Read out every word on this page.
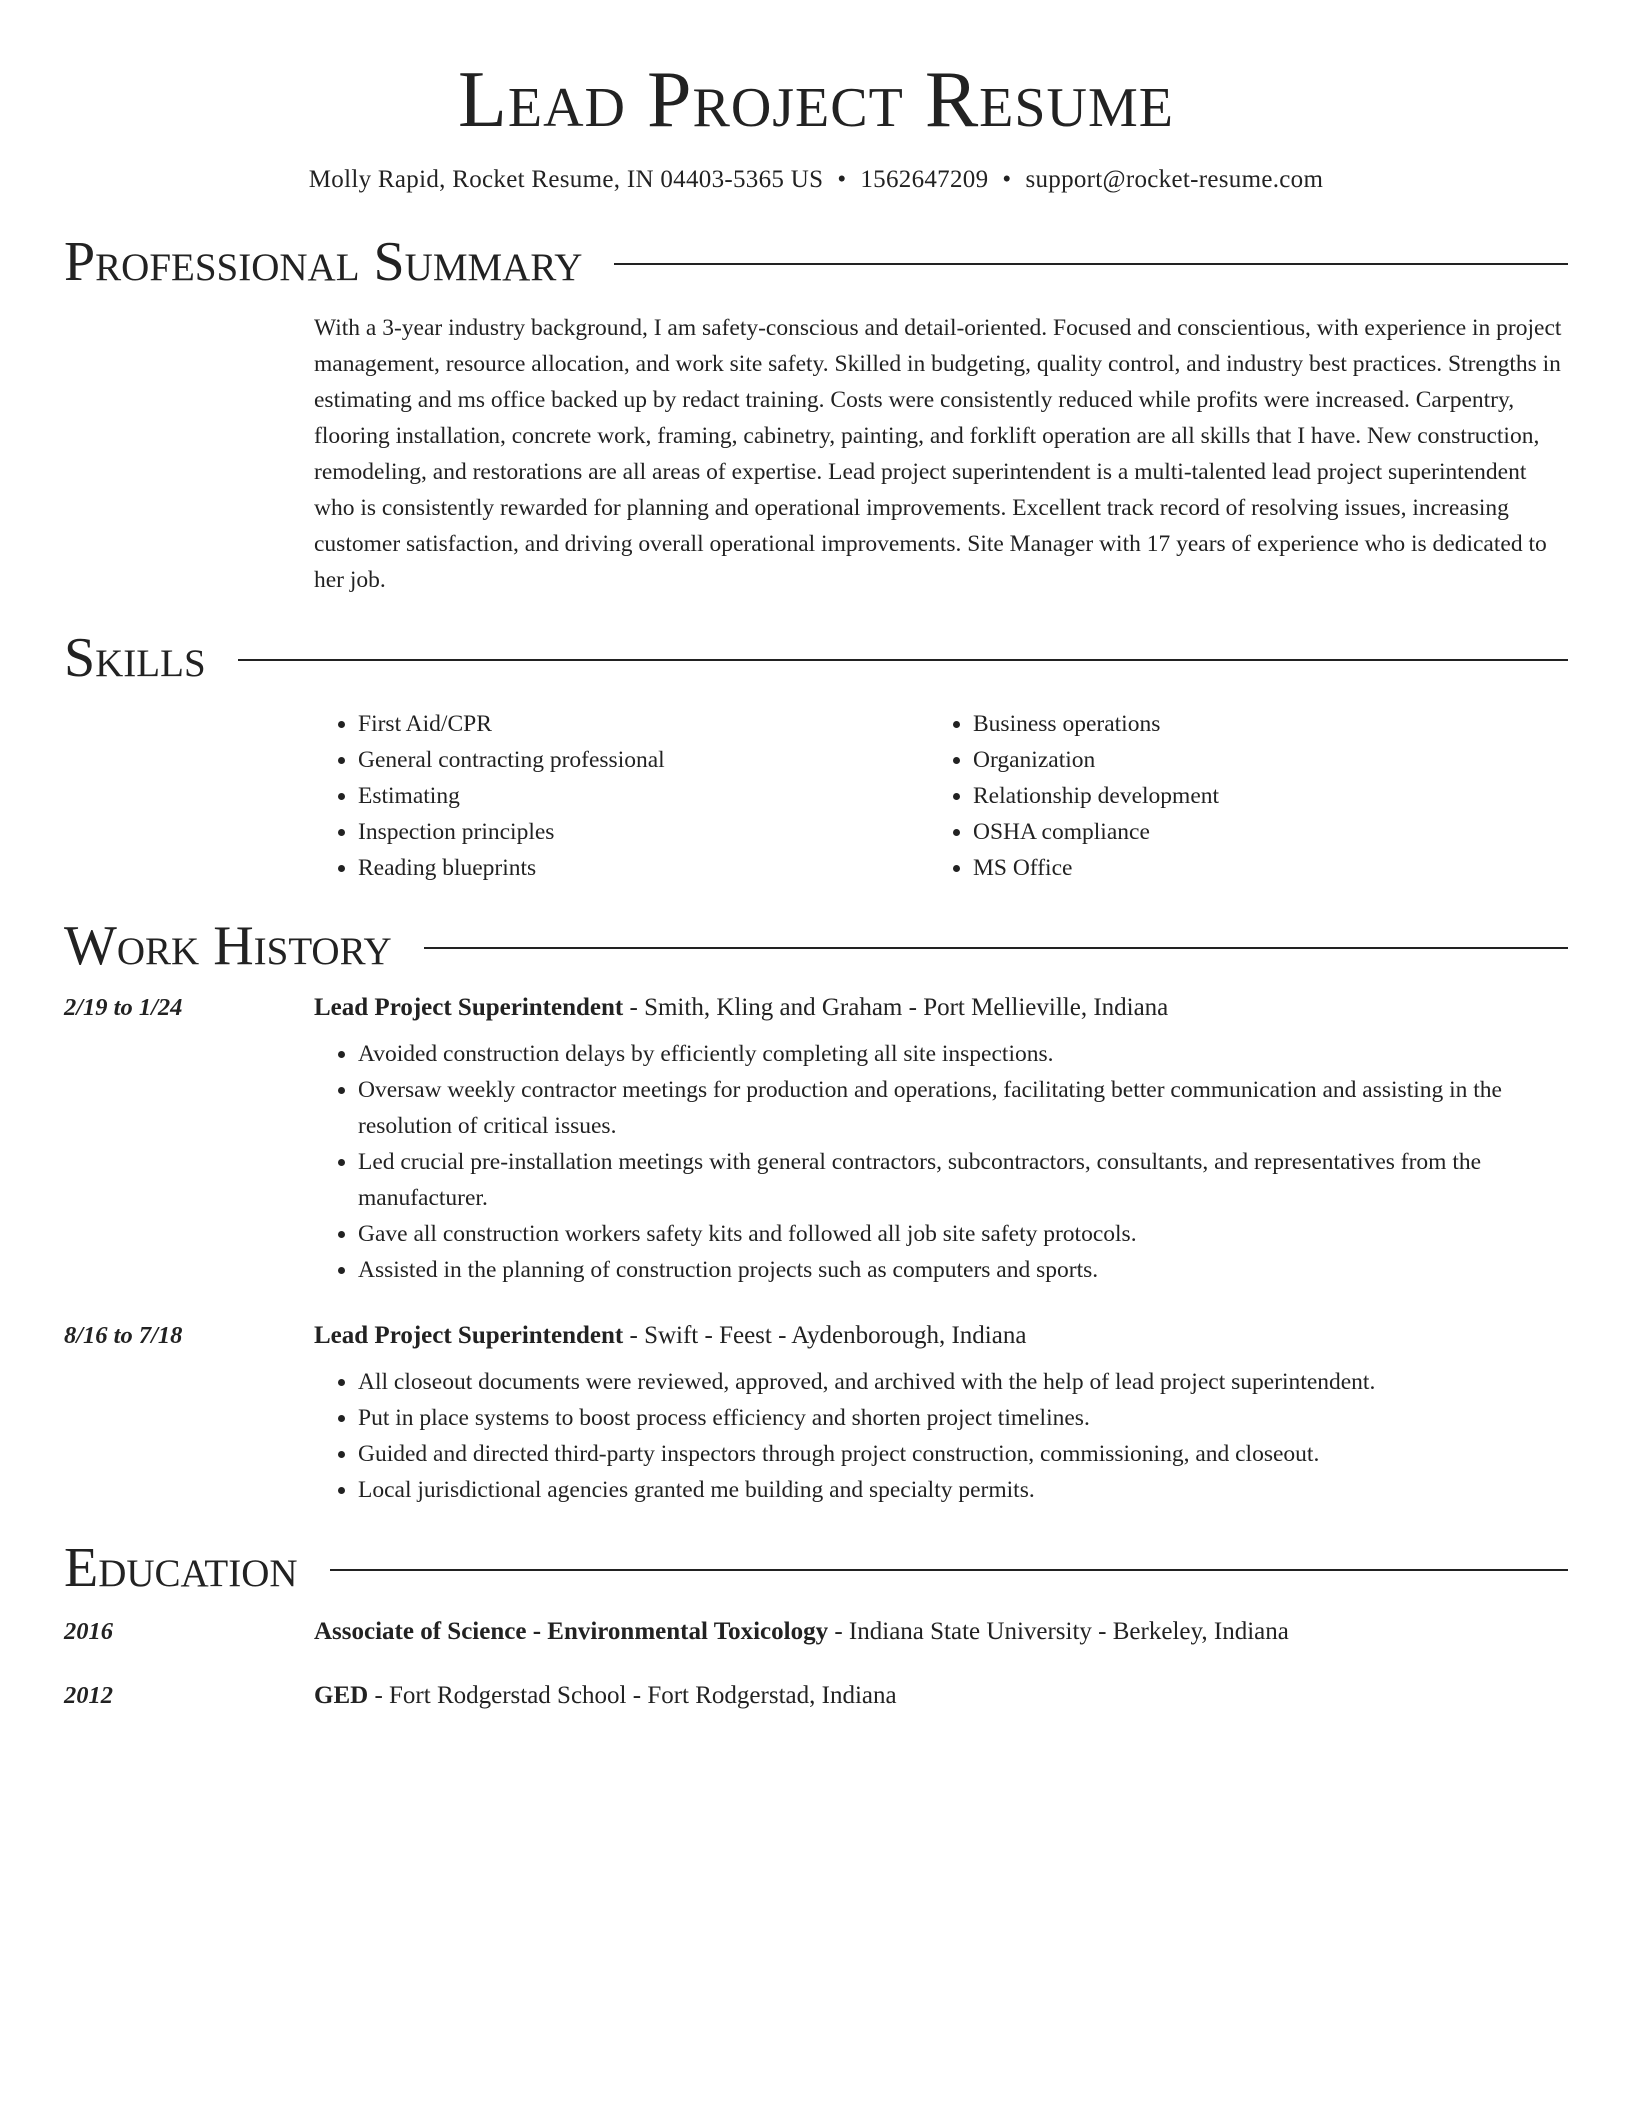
Lead Project Resume
Molly Rapid, Rocket Resume, IN 04403-5365 US • 1562647209 • support@rocket-resume.com
Professional Summary

With a 3-year industry background, I am safety-conscious and detail-oriented. Focused and conscientious, with experience in project management, resource allocation, and work site safety. Skilled in budgeting, quality control, and industry best practices. Strengths in estimating and ms office backed up by redact training. Costs were consistently reduced while profits were increased. Carpentry, flooring installation, concrete work, framing, cabinetry, painting, and forklift operation are all skills that I have. New construction, remodeling, and restorations are all areas of expertise. Lead project superintendent is a multi-talented lead project superintendent who is consistently rewarded for planning and operational improvements. Excellent track record of resolving issues, increasing customer satisfaction, and driving overall operational improvements. Site Manager with 17 years of experience who is dedicated to her job.

Skills
• First Aid/CPR
• General contracting professional
• Estimating
• Inspection principles
• Reading blueprints
• Business operations
• Organization
• Relationship development
• OSHA compliance
• MS Office
Work History
2/19 to 1/24	Lead Project Superintendent - Smith, Kling and Graham - Port Mellieville, Indiana
• Avoided construction delays by efficiently completing all site inspections.
• Oversaw weekly contractor meetings for production and operations, facilitating better communication and assisting in the resolution of critical issues.
• Led crucial pre-installation meetings with general contractors, subcontractors, consultants, and representatives from the manufacturer.
• Gave all construction workers safety kits and followed all job site safety protocols.
• Assisted in the planning of construction projects such as computers and sports.
8/16 to 7/18	Lead Project Superintendent - Swift - Feest - Aydenborough, Indiana
• All closeout documents were reviewed, approved, and archived with the help of lead project superintendent.
• Put in place systems to boost process efficiency and shorten project timelines.
• Guided and directed third-party inspectors through project construction, commissioning, and closeout.
• Local jurisdictional agencies granted me building and specialty permits.
Education
2016	Associate of Science - Environmental Toxicology - Indiana State University - Berkeley, Indiana
2012	GED - Fort Rodgerstad School - Fort Rodgerstad, Indiana
